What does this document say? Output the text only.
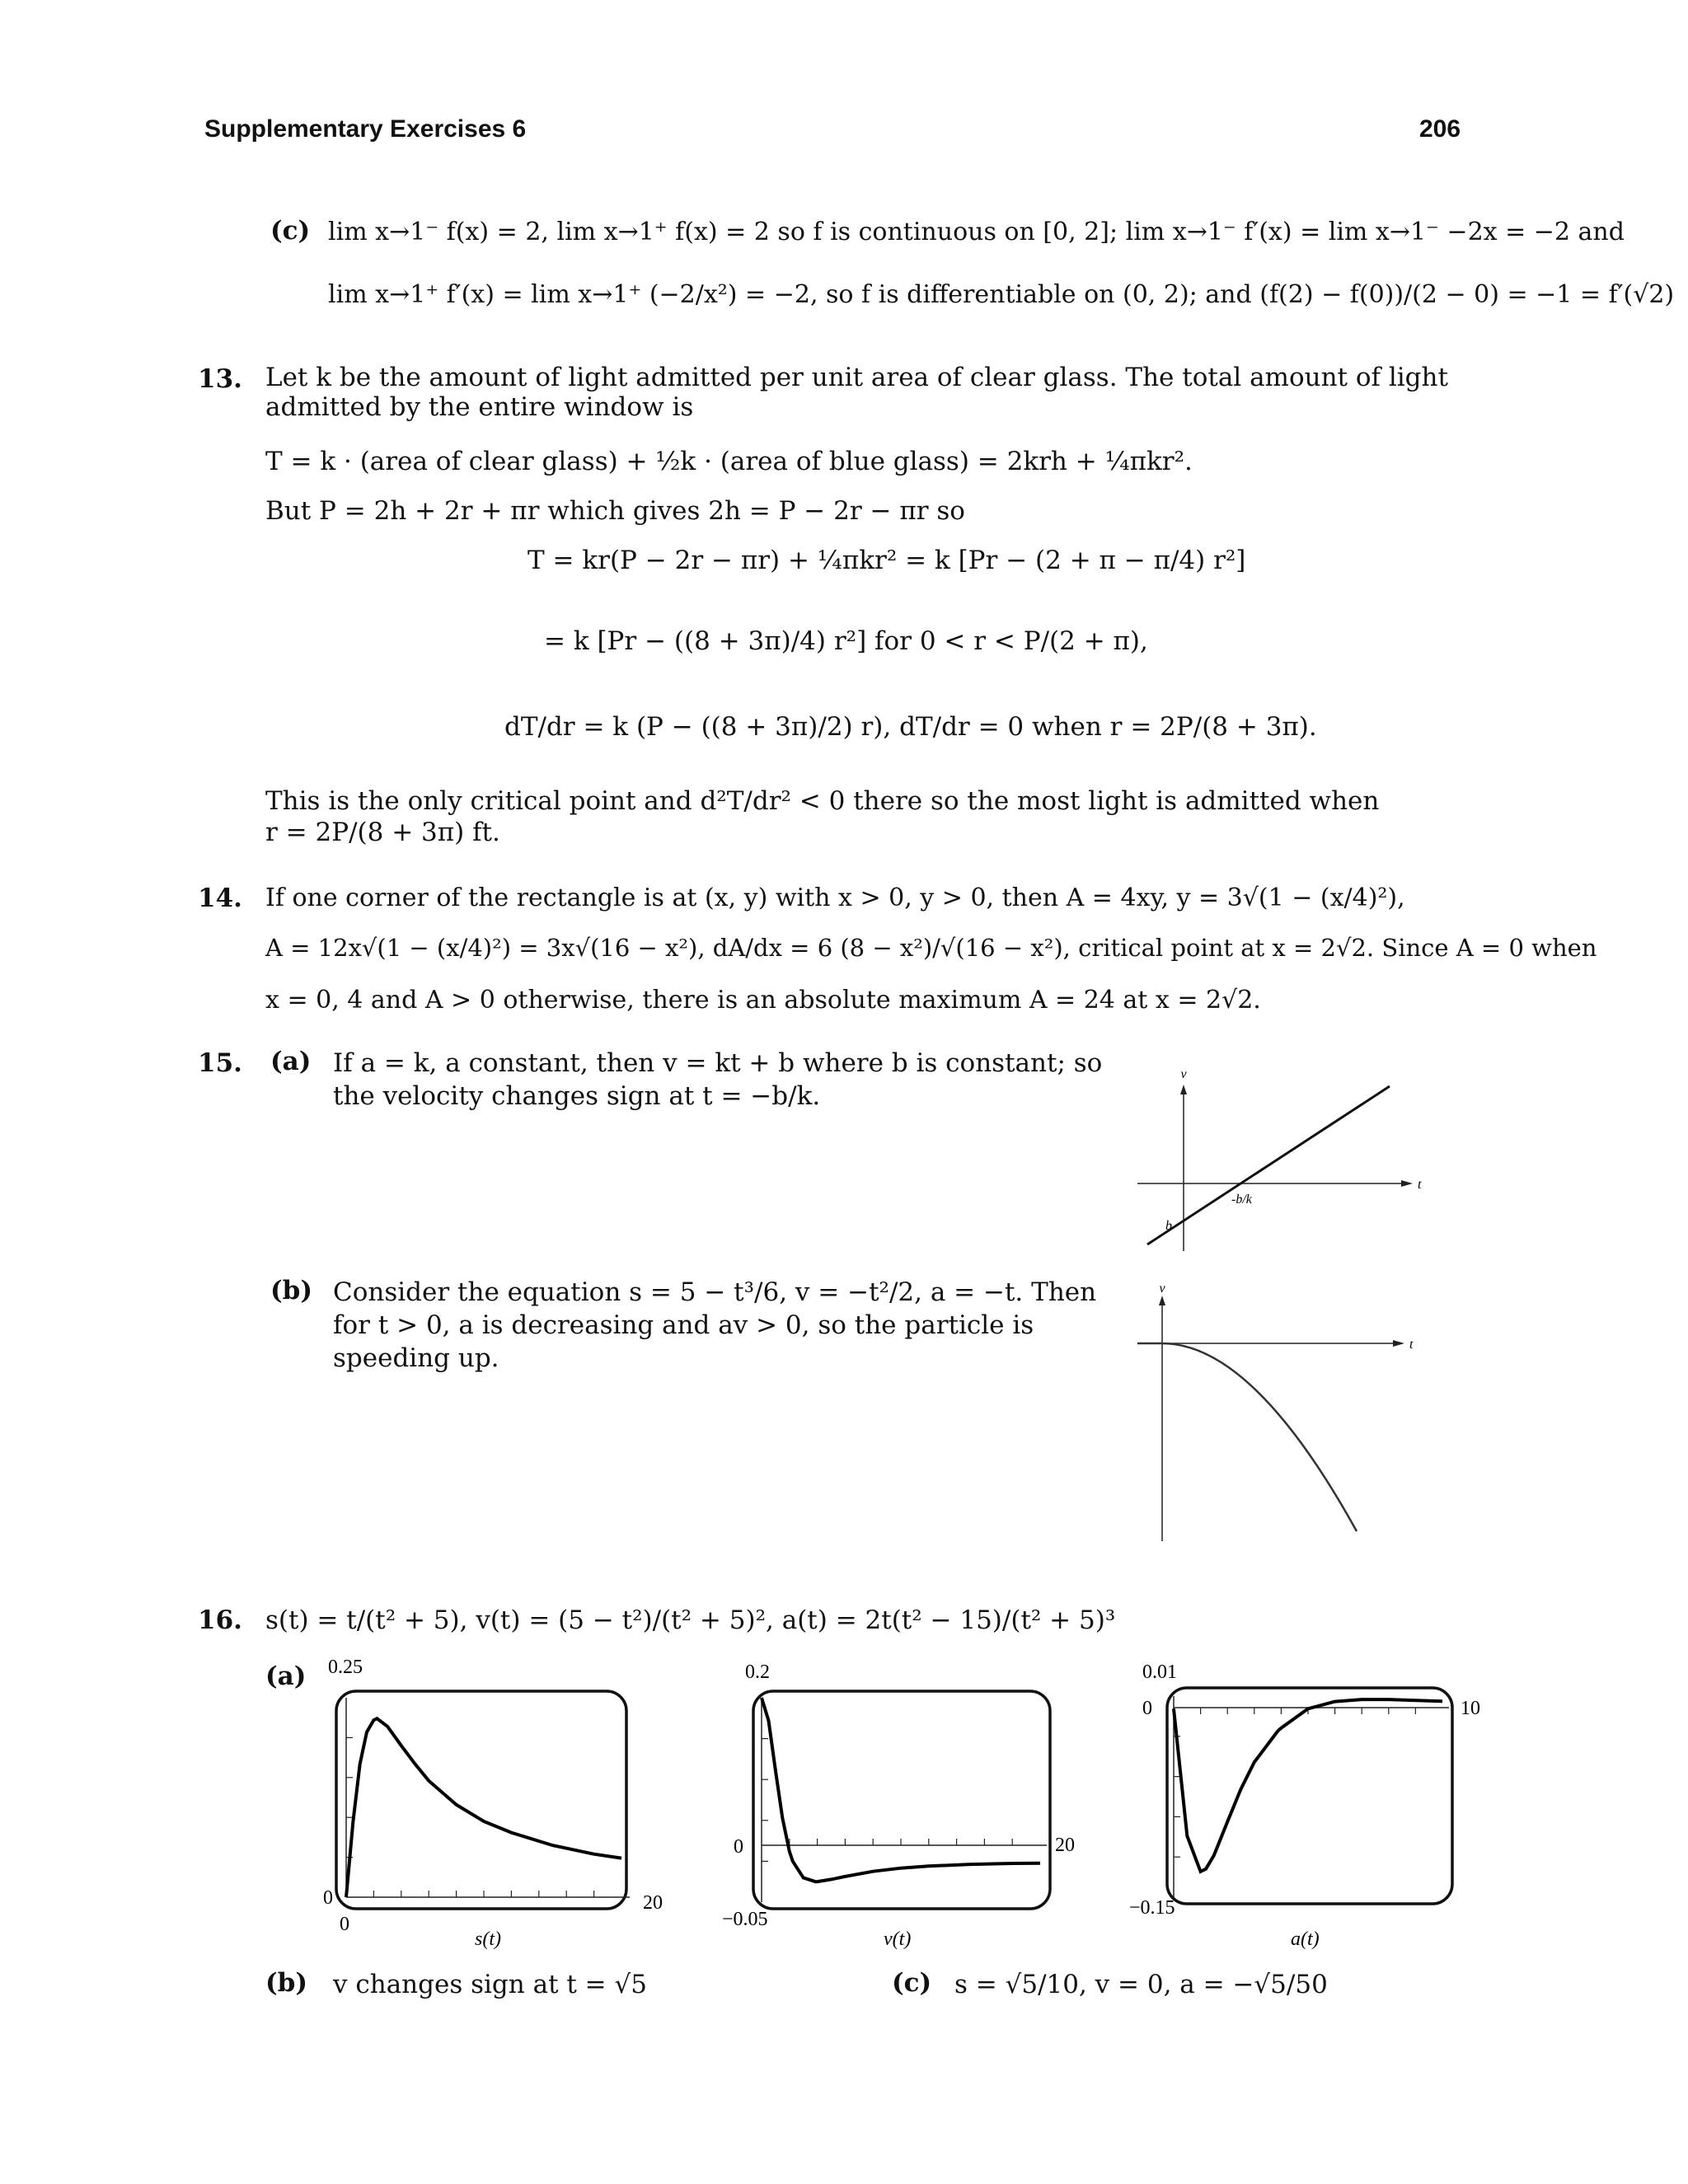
Supplementary Exercises 6	206
(c) lim x→1⁻ f(x) = 2, lim x→1⁺ f(x) = 2 so f is continuous on [0, 2]; lim x→1⁻ f′(x) = lim x→1⁻ −2x = −2 and
lim x→1⁺ f′(x) = lim x→1⁺ (−2/x²) = −2, so f is differentiable on (0, 2); and (f(2) − f(0))/(2 − 0) = −1 = f′(√2)
13. Let k be the amount of light admitted per unit area of clear glass. The total amount of light admitted by the entire window is
T = k · (area of clear glass) + ½k · (area of blue glass) = 2krh + ¼πkr².
But P = 2h + 2r + πr which gives 2h = P − 2r − πr so
T = kr(P − 2r − πr) + ¼πkr² = k [Pr − (2 + π − π/4) r²]
= k [Pr − ((8 + 3π)/4) r²] for 0 < r < P/(2 + π),
dT/dr = k (P − ((8 + 3π)/2) r), dT/dr = 0 when r = 2P/(8 + 3π).
This is the only critical point and d²T/dr² < 0 there so the most light is admitted when
r = 2P/(8 + 3π) ft.
14. If one corner of the rectangle is at (x, y) with x > 0, y > 0, then A = 4xy, y = 3√(1 − (x/4)²),
A = 12x√(1 − (x/4)²) = 3x√(16 − x²), dA/dx = 6 (8 − x²)/√(16 − x²), critical point at x = 2√2. Since A = 0 when
x = 0, 4 and A > 0 otherwise, there is an absolute maximum A = 24 at x = 2√2.
15. (a) If a = k, a constant, then v = kt + b where b is constant; so
the velocity changes sign at t = −b/k.
v
t
b
-b/k
(b) Consider the equation s = 5 − t³/6, v = −t²/2, a = −t. Then
for t > 0, a is decreasing and av > 0, so the particle is
speeding up.
v
t
16. s(t) = t/(t² + 5), v(t) = (5 − t²)/(t² + 5)², a(t) = 2t(t² − 15)/(t² + 5)³
(a) 0.25
0
0
20
s(t)
0.2
0
−0.05
20
v(t)
0.01
0
−0.15
10
a(t)
(b) v changes sign at t = √5	(c) s = √5/10, v = 0, a = −√5/50
